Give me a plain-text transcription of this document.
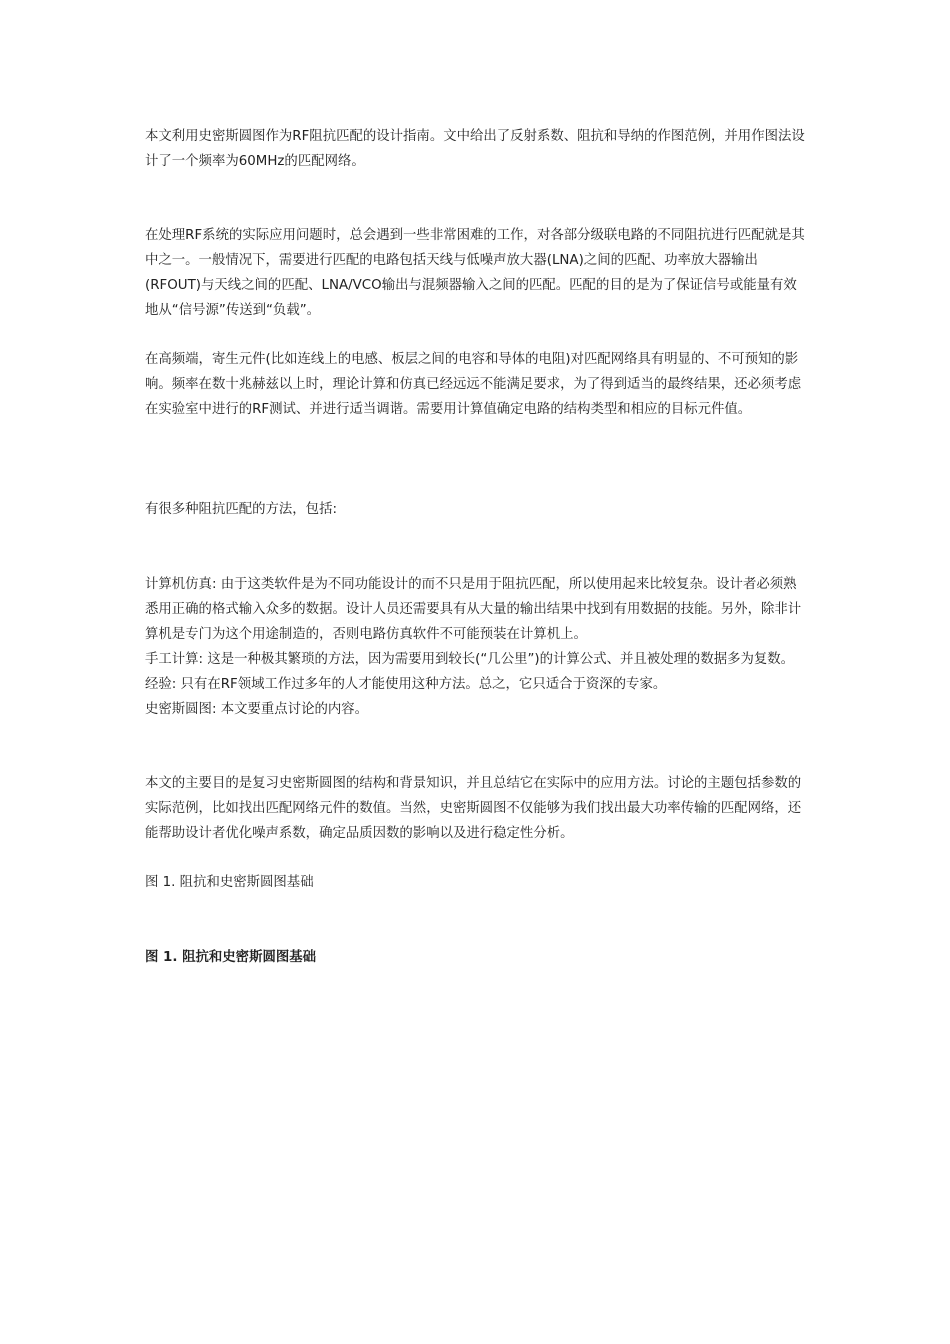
本文利用史密斯圆图作为RF阻抗匹配的设计指南。文中给出了反射系数、阻抗和导纳的作图范例，并用作图法设计了一个频率为60MHz的匹配网络。

在处理RF系统的实际应用问题时，总会遇到一些非常困难的工作，对各部分级联电路的不同阻抗进行匹配就是其中之一。一般情况下，需要进行匹配的电路包括天线与低噪声放大器(LNA)之间的匹配、功率放大器输出(RFOUT)与天线之间的匹配、LNA/VCO输出与混频器输入之间的匹配。匹配的目的是为了保证信号或能量有效地从“信号源”传送到“负载”。

在高频端，寄生元件(比如连线上的电感、板层之间的电容和导体的电阻)对匹配网络具有明显的、不可预知的影响。频率在数十兆赫兹以上时，理论计算和仿真已经远远不能满足要求，为了得到适当的最终结果，还必须考虑在实验室中进行的RF测试、并进行适当调谐。需要用计算值确定电路的结构类型和相应的目标元件值。

有很多种阻抗匹配的方法，包括:

计算机仿真: 由于这类软件是为不同功能设计的而不只是用于阻抗匹配，所以使用起来比较复杂。设计者必须熟悉用正确的格式输入众多的数据。设计人员还需要具有从大量的输出结果中找到有用数据的技能。另外，除非计算机是专门为这个用途制造的，否则电路仿真软件不可能预装在计算机上。

手工计算: 这是一种极其繁琐的方法，因为需要用到较长(“几公里”)的计算公式、并且被处理的数据多为复数。

经验: 只有在RF领域工作过多年的人才能使用这种方法。总之，它只适合于资深的专家。

史密斯圆图: 本文要重点讨论的内容。

本文的主要目的是复习史密斯圆图的结构和背景知识，并且总结它在实际中的应用方法。讨论的主题包括参数的实际范例，比如找出匹配网络元件的数值。当然，史密斯圆图不仅能够为我们找出最大功率传输的匹配网络，还能帮助设计者优化噪声系数，确定品质因数的影响以及进行稳定性分析。

图 1. 阻抗和史密斯圆图基础

图 1. 阻抗和史密斯圆图基础
